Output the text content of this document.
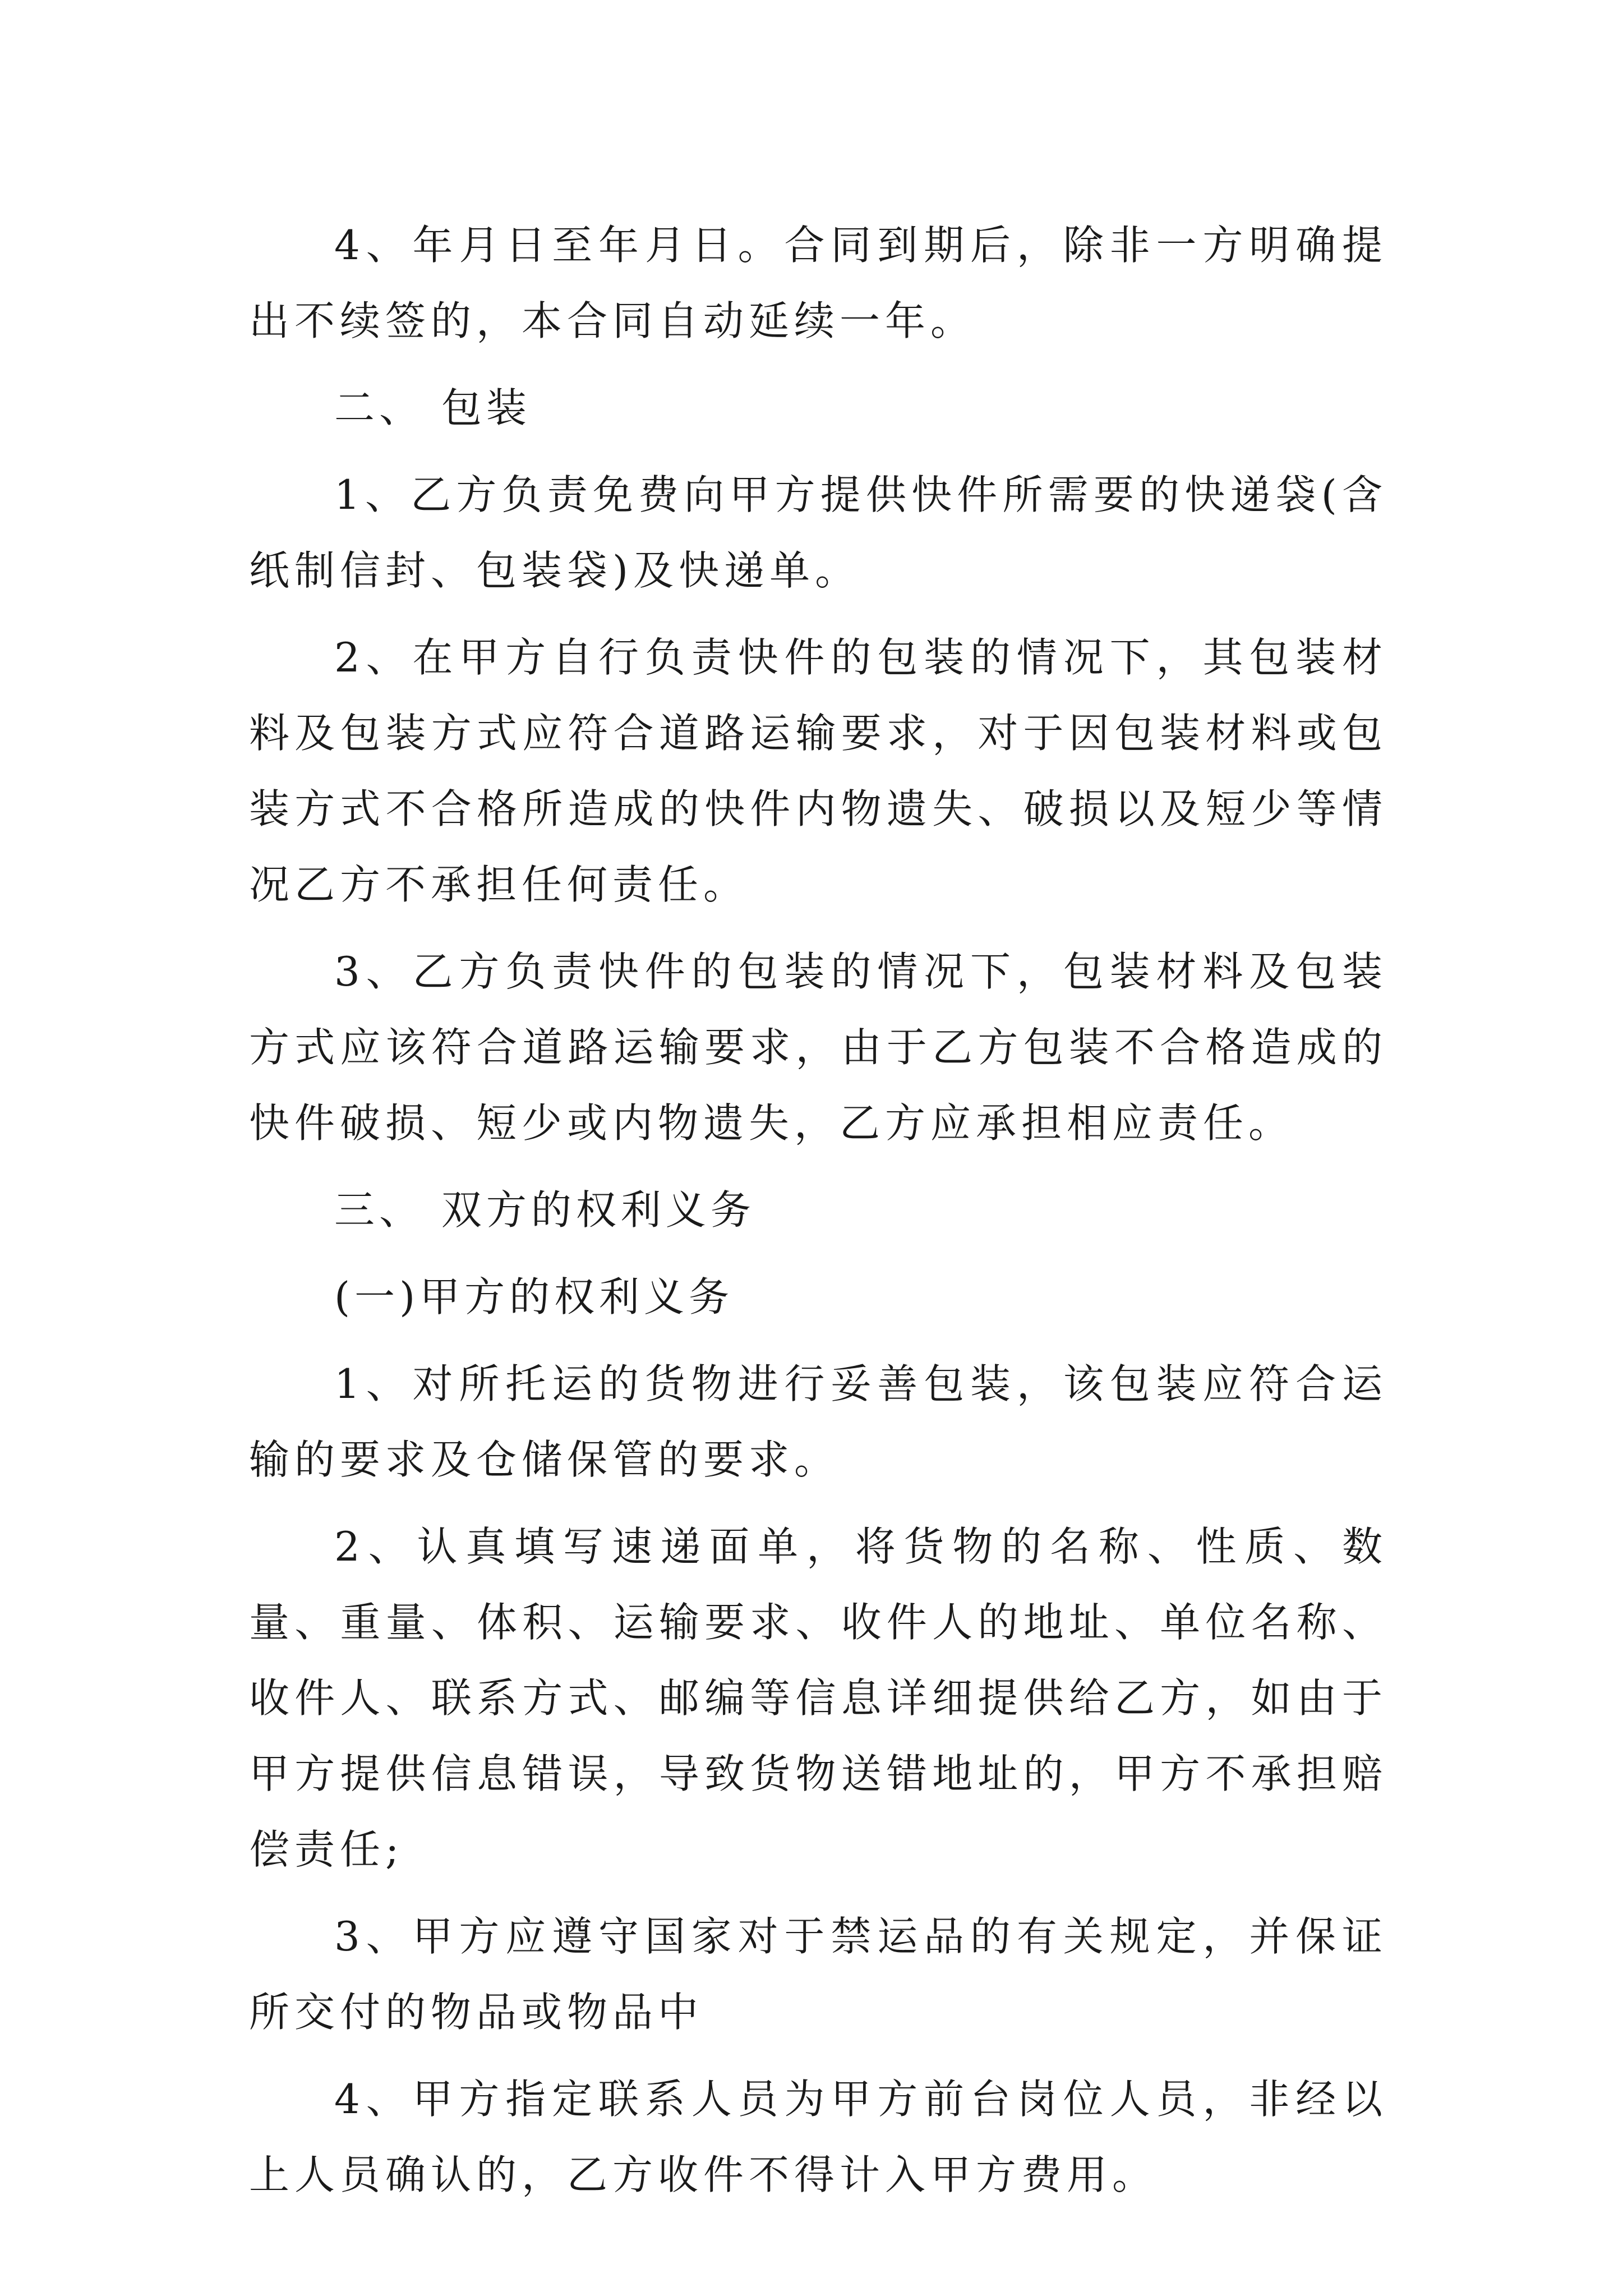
4、年月日至年月日。合同到期后，除非一方明确提出不续签的，本合同自动延续一年。

二、 包装

1、乙方负责免费向甲方提供快件所需要的快递袋(含纸制信封、包装袋)及快递单。

2、在甲方自行负责快件的包装的情况下，其包装材料及包装方式应符合道路运输要求，对于因包装材料或包装方式不合格所造成的快件内物遗失、破损以及短少等情况乙方不承担任何责任。

3、乙方负责快件的包装的情况下，包装材料及包装方式应该符合道路运输要求，由于乙方包装不合格造成的快件破损、短少或内物遗失，乙方应承担相应责任。

三、 双方的权利义务

(一)甲方的权利义务

1、对所托运的货物进行妥善包装，该包装应符合运输的要求及仓储保管的要求。

2、认真填写速递面单，将货物的名称、性质、数量、重量、体积、运输要求、收件人的地址、单位名称、收件人、联系方式、邮编等信息详细提供给乙方，如由于甲方提供信息错误，导致货物送错地址的，甲方不承担赔偿责任;

3、甲方应遵守国家对于禁运品的有关规定，并保证所交付的物品或物品中

4、甲方指定联系人员为甲方前台岗位人员，非经以上人员确认的，乙方收件不得计入甲方费用。
